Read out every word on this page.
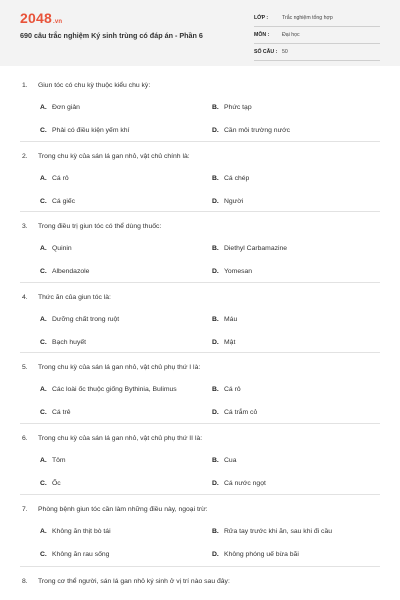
2048.vn
690 câu trắc nghiệm Ký sinh trùng có đáp án - Phần 6
LỚP :	Trắc nghiệm tổng hợp
MÔN :	Đại học
SỐ CÂU : 50
1. Giun tóc có chu kỳ thuộc kiểu chu kỳ:
A. Đơn giản	B. Phức tạp
C. Phải có điều kiện yếm khí	D. Cần môi trường nước
2. Trong chu kỳ của sán lá gan nhỏ, vật chủ chính là:
A. Cá rô	B. Cá chép
C. Cá giếc	D. Người
3. Trong điều trị giun tóc có thể dùng thuốc:
A. Quinin	B. Diethyl Carbamazine
C. Albendazole	D. Yomesan
4. Thức ăn của giun tóc là:
A. Dưỡng chất trong ruột	B. Máu
C. Bạch huyết	D. Mật
5. Trong chu kỳ của sán lá gan nhỏ, vật chủ phụ thứ I là:
A. Các loài ốc thuộc giống Bythinia, Bulimus	B. Cá rô
C. Cá trê	D. Cá trắm cỏ
6. Trong chu kỳ của sán lá gan nhỏ, vật chủ phụ thứ II là:
A. Tôm	B. Cua
C. Ốc	D. Cá nước ngọt
7. Phòng bệnh giun tóc cần làm những điều này, ngoại trừ:
A. Không ăn thịt bò tái	B. Rửa tay trước khi ăn, sau khi đi cầu
C. Không ăn rau sống	D. Không phóng uế bừa bãi
8. Trong cơ thể người, sán lá gan nhỏ ký sinh ở vị trí nào sau đây:
